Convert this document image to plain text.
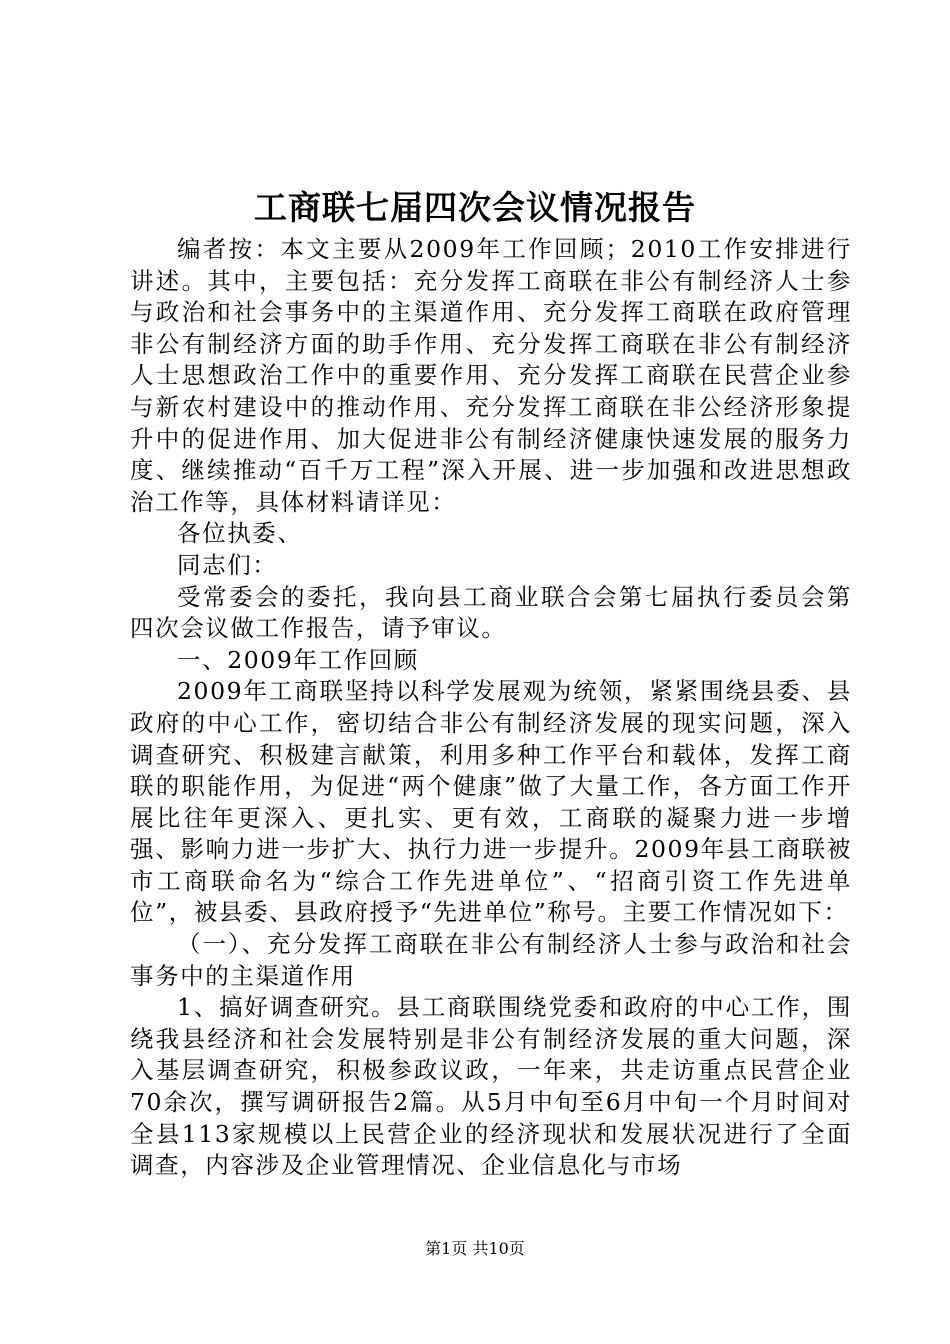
工商联七届四次会议情况报告

编者按：本文主要从2009年工作回顾；2010工作安排进行讲述。其中，主要包括：充分发挥工商联在非公有制经济人士参与政治和社会事务中的主渠道作用、充分发挥工商联在政府管理非公有制经济方面的助手作用、充分发挥工商联在非公有制经济人士思想政治工作中的重要作用、充分发挥工商联在民营企业参与新农村建设中的推动作用、充分发挥工商联在非公经济形象提升中的促进作用、加大促进非公有制经济健康快速发展的服务力度、继续推动“百千万工程”深入开展、进一步加强和改进思想政治工作等，具体材料请详见：

各位执委、

同志们：

受常委会的委托，我向县工商业联合会第七届执行委员会第四次会议做工作报告，请予审议。

一、2009年工作回顾

2009年工商联坚持以科学发展观为统领，紧紧围绕县委、县政府的中心工作，密切结合非公有制经济发展的现实问题，深入调查研究、积极建言献策，利用多种工作平台和载体，发挥工商联的职能作用，为促进“两个健康”做了大量工作，各方面工作开展比往年更深入、更扎实、更有效，工商联的凝聚力进一步增强、影响力进一步扩大、执行力进一步提升。2009年县工商联被市工商联命名为“综合工作先进单位”、“招商引资工作先进单位”，被县委、县政府授予“先进单位”称号。主要工作情况如下：

（一）、充分发挥工商联在非公有制经济人士参与政治和社会事务中的主渠道作用

1、搞好调查研究。县工商联围绕党委和政府的中心工作，围绕我县经济和社会发展特别是非公有制经济发展的重大问题，深入基层调查研究，积极参政议政，一年来，共走访重点民营企业70余次，撰写调研报告2篇。从5月中旬至6月中旬一个月时间对全县113家规模以上民营企业的经济现状和发展状况进行了全面调查，内容涉及企业管理情况、企业信息化与市场

第1页 共10页
